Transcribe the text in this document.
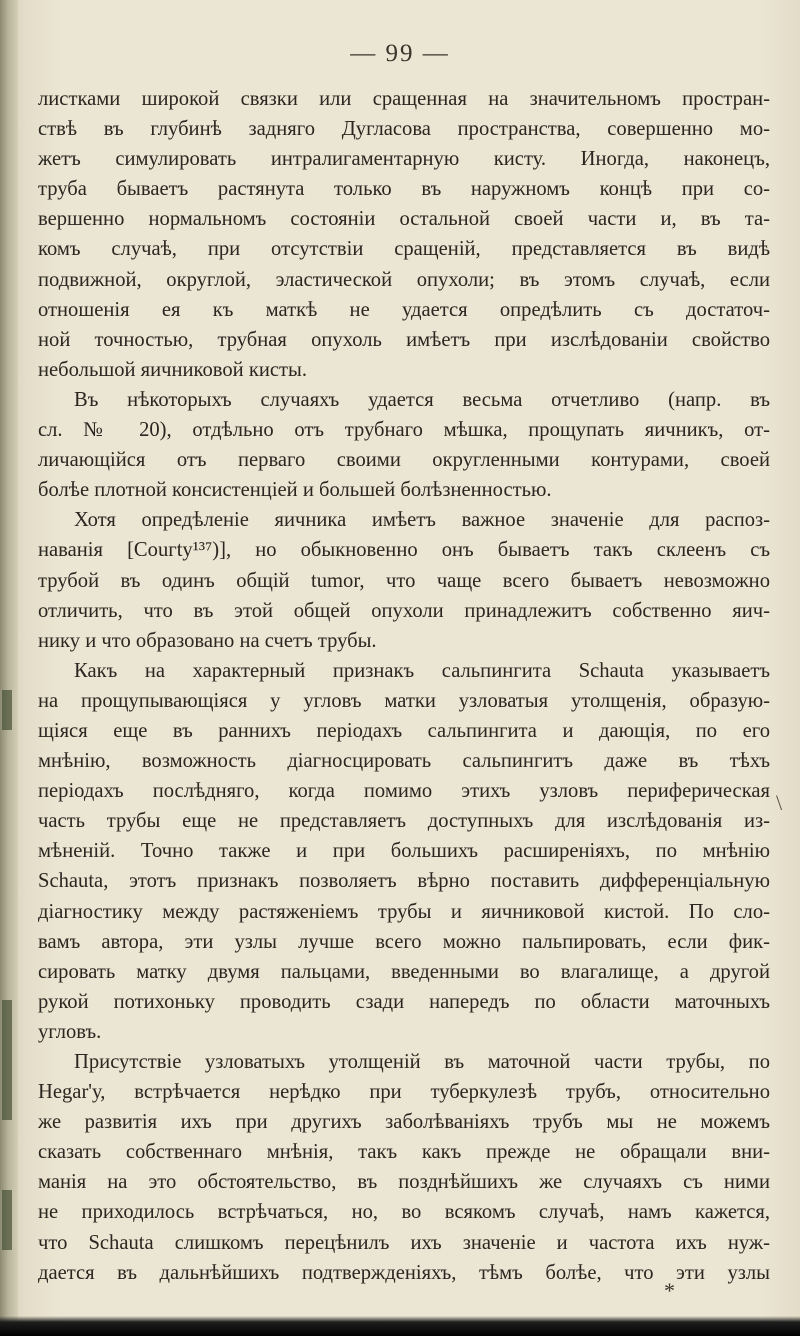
— 99 —
листками широкой связки или сращенная на значительномъ простран-
ствѣ въ глубинѣ задняго Дугласова пространства, совершенно мо-
жетъ симулировать интралигаментарную кисту. Иногда, наконецъ,
труба бываетъ растянута только въ наружномъ концѣ при со-
вершенно нормальномъ состояніи остальной своей части и, въ та-
комъ случаѣ, при отсутствіи сращеній, представляется въ видѣ
подвижной, округлой, эластической опухоли; въ этомъ случаѣ, если
отношенія ея къ маткѣ не удается опредѣлить съ достаточ-
ной точностью, трубная опухоль имѣетъ при изслѣдованіи свойство
небольшой яичниковой кисты.
Въ нѣкоторыхъ случаяхъ удается весьма отчетливо (напр. въ
сл. № 20), отдѣльно отъ трубнаго мѣшка, прощупать яичникъ, от-
личающійся отъ перваго своими округленными контурами, своей
болѣе плотной консистенціей и большей болѣзненностью.
Хотя опредѣленіе яичника имѣетъ важное значеніе для распоз-
наванія [Couгty¹³⁷)], но обыкновенно онъ бываетъ такъ склеенъ съ
трубой въ одинъ общій tumor, что чаще всего бываетъ невозможно
отличить, что въ этой общей опухоли принадлежитъ собственно яич-
нику и что образовано на счетъ трубы.
Какъ на характерный признакъ сальпингита Schauta указываетъ
на прощупывающіяся у угловъ матки узловатыя утолщенія, образую-
щіяся еще въ раннихъ періодахъ сальпингита и дающія, по его
мнѣнію, возможность діагносцировать сальпингитъ даже въ тѣхъ
періодахъ послѣдняго, когда помимо этихъ узловъ периферическая
часть трубы еще не представляетъ доступныхъ для изслѣдованія из-
мѣненій. Точно также и при большихъ расширеніяхъ, по мнѣнію
Schauta, этотъ признакъ позволяетъ вѣрно поставить дифференціальную
діагностику между растяженіемъ трубы и яичниковой кистой. По сло-
вамъ автора, эти узлы лучше всего можно пальпировать, если фик-
сировать матку двумя пальцами, введенными во влагалище, а другой
рукой потихоньку проводить сзади напередъ по области маточныхъ
угловъ.
Присутствіе узловатыхъ утолщеній въ маточной части трубы, по
Hegar'у, встрѣчается нерѣдко при туберкулезѣ трубъ, относительно
же развитія ихъ при другихъ заболѣваніяхъ трубъ мы не можемъ
сказать собственнаго мнѣнія, такъ какъ прежде не обращали вни-
манія на это обстоятельство, въ позднѣйшихъ же случаяхъ съ ними
не приходилось встрѣчаться, но, во всякомъ случаѣ, намъ кажется,
что Schauta слишкомъ перецѣнилъ ихъ значеніе и частота ихъ нуж-
дается въ дальнѣйшихъ подтвержденіяхъ, тѣмъ болѣе, что эти узлы
\
*
